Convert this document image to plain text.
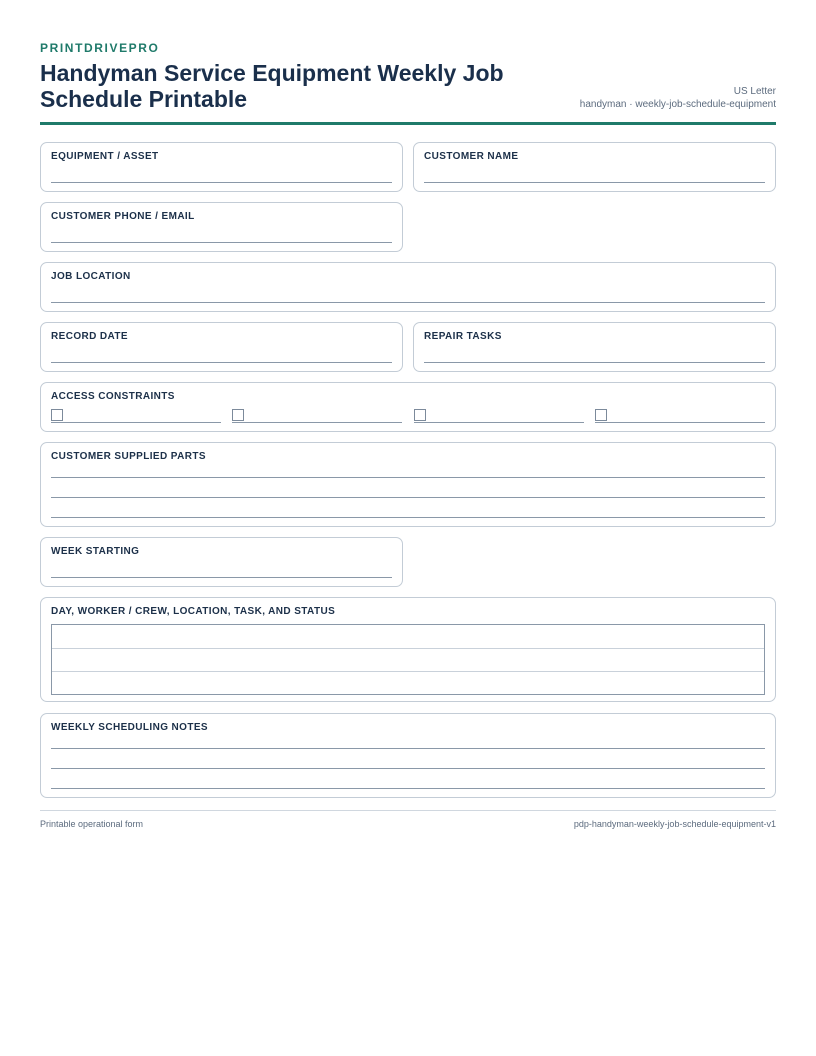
PRINTDRIVEPRO
Handyman Service Equipment Weekly Job Schedule Printable	US Letter
handyman · weekly-job-schedule-equipment
EQUIPMENT / ASSET	CUSTOMER NAME
CUSTOMER PHONE / EMAIL
JOB LOCATION
RECORD DATE	REPAIR TASKS
ACCESS CONSTRAINTS
CUSTOMER SUPPLIED PARTS
WEEK STARTING
DAY, WORKER / CREW, LOCATION, TASK, AND STATUS
WEEKLY SCHEDULING NOTES
Printable operational form	pdp-handyman-weekly-job-schedule-equipment-v1
